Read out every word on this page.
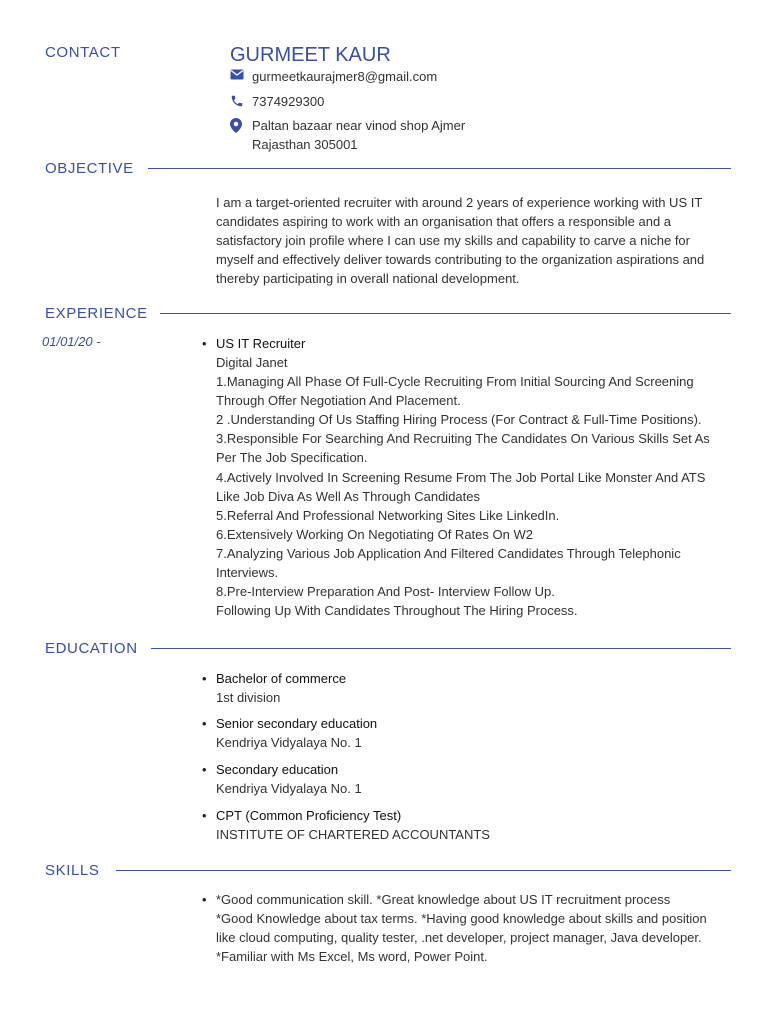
CONTACT	GURMEET KAUR
gurmeetkaurajmer8@gmail.com
7374929300
Paltan bazaar near vinod shop Ajmer
Rajasthan 305001
OBJECTIVE
I am a target-oriented recruiter with around 2 years of experience working with US IT
candidates aspiring to work with an organisation that offers a responsible and a
satisfactory join profile where I can use my skills and capability to carve a niche for
myself and effectively deliver towards contributing to the organization aspirations and
thereby participating in overall national development.
EXPERIENCE
01/01/20 -	• US IT Recruiter
Digital Janet
1.Managing All Phase Of Full-Cycle Recruiting From Initial Sourcing And Screening
Through Offer Negotiation And Placement.
2 .Understanding Of Us Staffing Hiring Process (For Contract & Full-Time Positions).
3.Responsible For Searching And Recruiting The Candidates On Various Skills Set As
Per The Job Specification.
4.Actively Involved In Screening Resume From The Job Portal Like Monster And ATS
Like Job Diva As Well As Through Candidates
5.Referral And Professional Networking Sites Like LinkedIn.
6.Extensively Working On Negotiating Of Rates On W2
7.Analyzing Various Job Application And Filtered Candidates Through Telephonic
Interviews.
8.Pre-Interview Preparation And Post- Interview Follow Up.
Following Up With Candidates Throughout The Hiring Process.
EDUCATION
• Bachelor of commerce
1st division
• Senior secondary education
Kendriya Vidyalaya No. 1
• Secondary education
Kendriya Vidyalaya No. 1
• CPT (Common Proficiency Test)
INSTITUTE OF CHARTERED ACCOUNTANTS
SKILLS
• *Good communication skill. *Great knowledge about US IT recruitment process
*Good Knowledge about tax terms. *Having good knowledge about skills and position
like cloud computing, quality tester, .net developer, project manager, Java developer.
*Familiar with Ms Excel, Ms word, Power Point.
